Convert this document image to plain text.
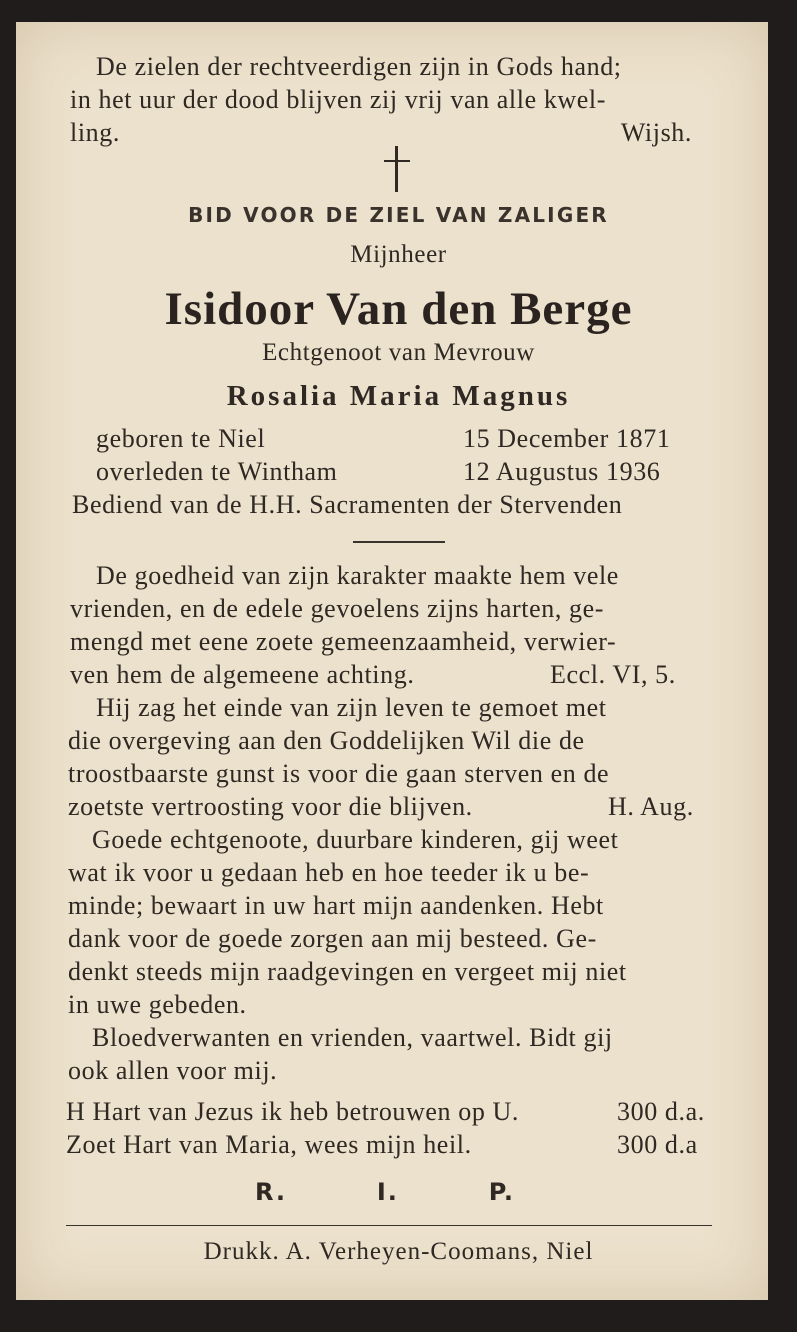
De zielen der rechtveerdigen zijn in Gods hand;
in het uur der dood blijven zij vrij van alle kwel-
ling.	Wijsh.
BID VOOR DE ZIEL VAN ZALIGER
Mijnheer
Isidoor Van den Berge
Echtgenoot van Mevrouw
Rosalia Maria Magnus
geboren te Niel	15 December 1871
overleden te Wintham	12 Augustus 1936
Bediend van de H.H. Sacramenten der Stervenden
De goedheid van zijn karakter maakte hem vele
vrienden, en de edele gevoelens zijns harten, ge-
mengd met eene zoete gemeenzaamheid, verwier-
ven hem de algemeene achting.	Eccl. VI, 5.
Hij zag het einde van zijn leven te gemoet met
die overgeving aan den Goddelijken Wil die de
troostbaarste gunst is voor die gaan sterven en de
zoetste vertroosting voor die blijven.	H. Aug.
Goede echtgenoote, duurbare kinderen, gij weet
wat ik voor u gedaan heb en hoe teeder ik u be-
minde; bewaart in uw hart mijn aandenken. Hebt
dank voor de goede zorgen aan mij besteed. Ge-
denkt steeds mijn raadgevingen en vergeet mij niet
in uwe gebeden.
Bloedverwanten en vrienden, vaartwel. Bidt gij
ook allen voor mij.
H Hart van Jezus ik heb betrouwen op U.	300 d.a.
Zoet Hart van Maria, wees mijn heil.	300 d.a
R.	I.	P.
Drukk. A. Verheyen-Coomans, Niel
